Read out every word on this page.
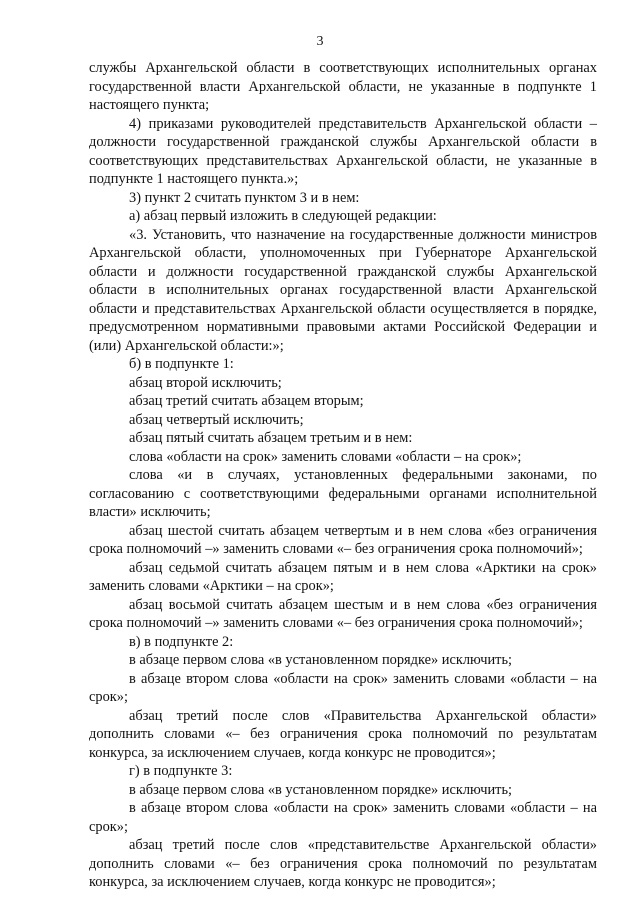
3

службы Архангельской области в соответствующих исполнительных органах государственной власти Архангельской области, не указанные в подпункте 1 настоящего пункта;

4) приказами руководителей представительств Архангельской области – должности государственной гражданской службы Архангельской области в соответствующих представительствах Архангельской области, не указанные в подпункте 1 настоящего пункта.»;

3) пункт 2 считать пунктом 3 и в нем:

а) абзац первый изложить в следующей редакции:

«3. Установить, что назначение на государственные должности министров Архангельской области, уполномоченных при Губернаторе Архангельской области и должности государственной гражданской службы Архангельской области в исполнительных органах государственной власти Архангельской области и представительствах Архангельской области осуществляется в порядке, предусмотренном нормативными правовыми актами Российской Федерации и (или) Архангельской области:»;

б) в подпункте 1:

абзац второй исключить;

абзац третий считать абзацем вторым;

абзац четвертый исключить;

абзац пятый считать абзацем третьим и в нем:

слова «области на срок» заменить словами «области – на срок»;

слова «и в случаях, установленных федеральными законами, по согласованию с соответствующими федеральными органами исполнительной власти» исключить;

абзац шестой считать абзацем четвертым и в нем слова «без ограничения срока полномочий –» заменить словами «– без ограничения срока полномочий»;

абзац седьмой считать абзацем пятым и в нем слова «Арктики на срок» заменить словами «Арктики – на срок»;

абзац восьмой считать абзацем шестым и в нем слова «без ограничения срока полномочий –» заменить словами «– без ограничения срока полномочий»;

в) в подпункте 2:

в абзаце первом слова «в установленном порядке» исключить;

в абзаце втором слова «области на срок» заменить словами «области – на срок»;

абзац третий после слов «Правительства Архангельской области» дополнить словами «– без ограничения срока полномочий по результатам конкурса, за исключением случаев, когда конкурс не проводится»;

г) в подпункте 3:

в абзаце первом слова «в установленном порядке» исключить;

в абзаце втором слова «области на срок» заменить словами «области – на срок»;

абзац третий после слов «представительстве Архангельской области» дополнить словами «– без ограничения срока полномочий по результатам конкурса, за исключением случаев, когда конкурс не проводится»;
